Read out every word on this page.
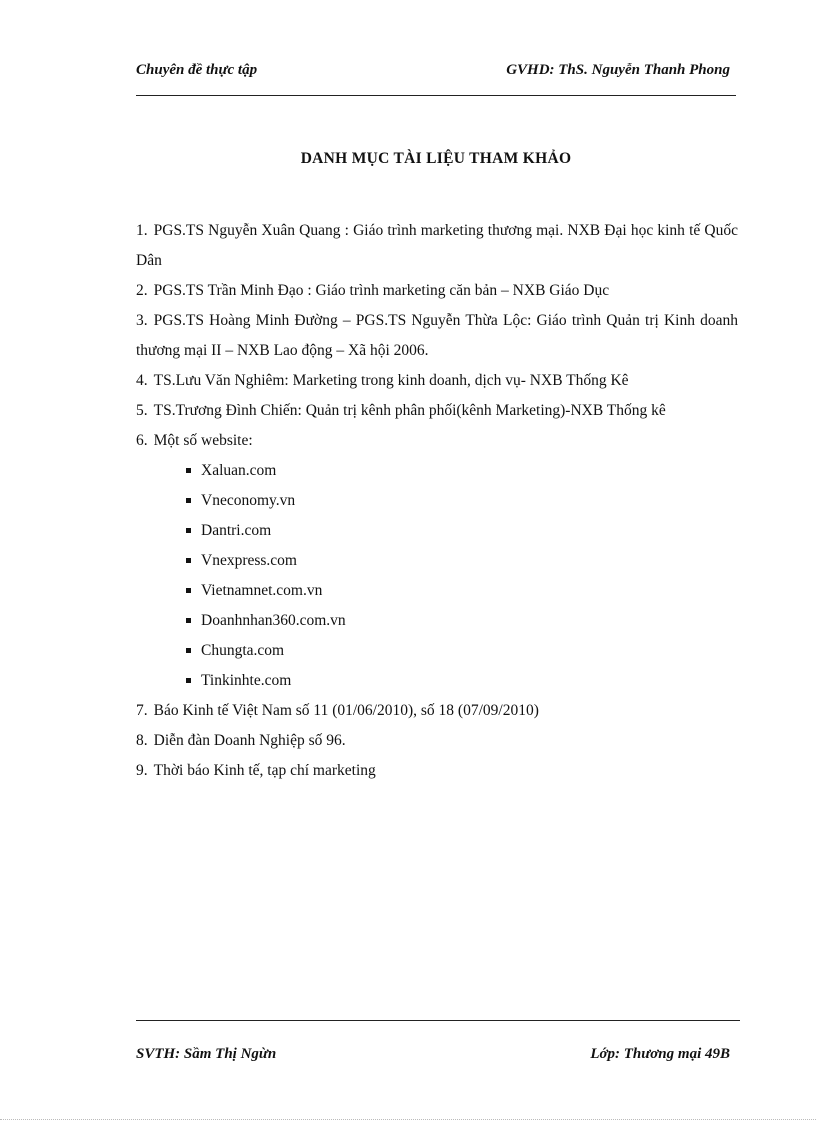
Chuyên đề thực tập	GVHD: ThS. Nguyễn Thanh Phong
DANH MỤC TÀI LIỆU THAM KHẢO
1. PGS.TS Nguyễn Xuân Quang : Giáo trình marketing thương mại. NXB Đại học kinh tế Quốc Dân
2. PGS.TS Trần Minh Đạo : Giáo trình marketing căn bản – NXB Giáo Dục
3. PGS.TS Hoàng Minh Đường – PGS.TS Nguyễn Thừa Lộc: Giáo trình Quản trị Kinh doanh thương mại II – NXB Lao động – Xã hội 2006.
4. TS.Lưu Văn Nghiêm: Marketing trong kinh doanh, dịch vụ- NXB Thống Kê
5. TS.Trương Đình Chiến: Quản trị kênh phân phối(kênh Marketing)-NXB Thống kê
6. Một số website:
Xaluan.com
Vneconomy.vn
Dantri.com
Vnexpress.com
Vietnamnet.com.vn
Doanhnhan360.com.vn
Chungta.com
Tinkinhte.com
7. Báo Kinh tế Việt Nam số 11 (01/06/2010), số 18 (07/09/2010)
8. Diễn đàn Doanh Nghiệp số 96.
9. Thời báo Kinh tế, tạp chí marketing
SVTH: Sầm Thị Ngừn	Lớp: Thương mại 49B
